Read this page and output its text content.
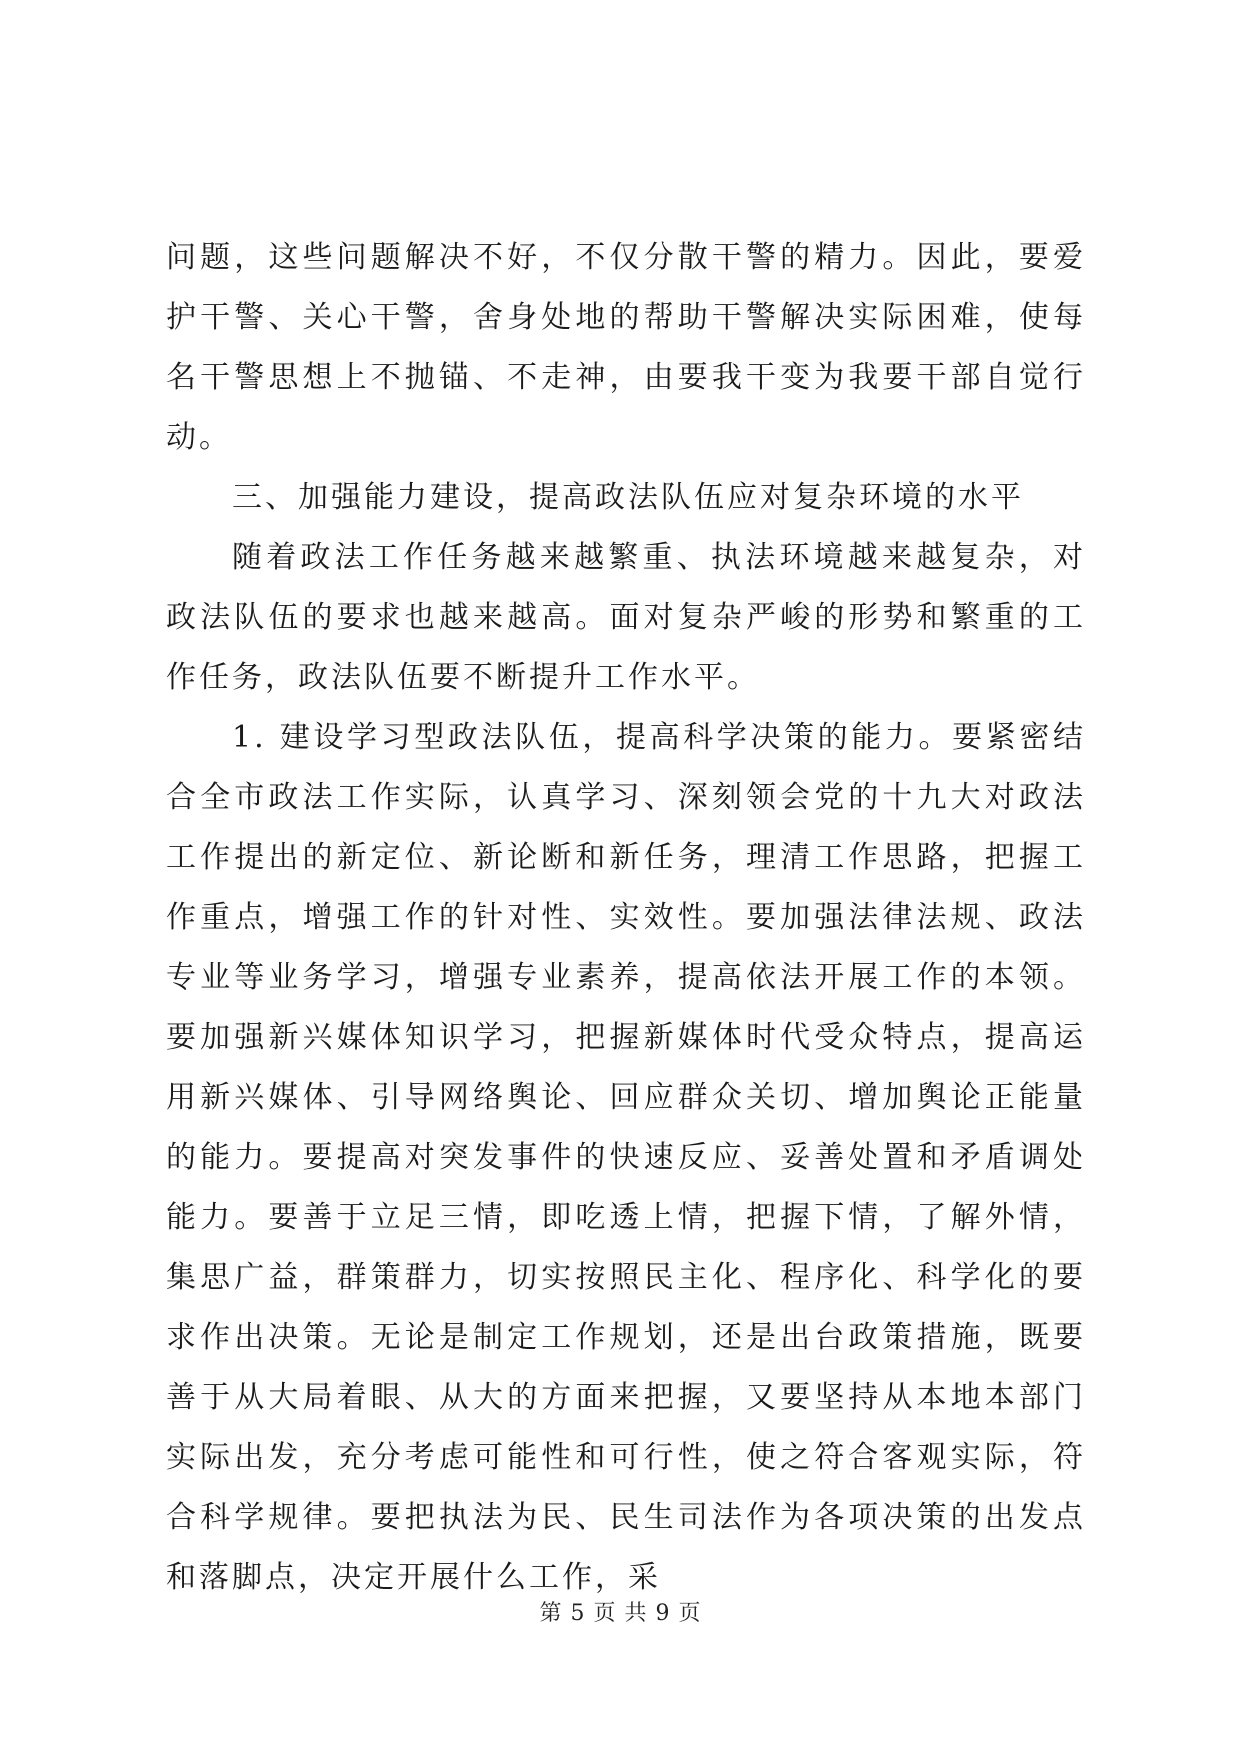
问题，这些问题解决不好，不仅分散干警的精力。因此，要爱护干警、关心干警，舍身处地的帮助干警解决实际困难，使每名干警思想上不抛锚、不走神，由要我干变为我要干部自觉行动。

三、加强能力建设，提高政法队伍应对复杂环境的水平

随着政法工作任务越来越繁重、执法环境越来越复杂，对政法队伍的要求也越来越高。面对复杂严峻的形势和繁重的工作任务，政法队伍要不断提升工作水平。

1. 建设学习型政法队伍，提高科学决策的能力。要紧密结合全市政法工作实际，认真学习、深刻领会党的十九大对政法工作提出的新定位、新论断和新任务，理清工作思路，把握工作重点，增强工作的针对性、实效性。要加强法律法规、政法专业等业务学习，增强专业素养，提高依法开展工作的本领。要加强新兴媒体知识学习，把握新媒体时代受众特点，提高运用新兴媒体、引导网络舆论、回应群众关切、增加舆论正能量的能力。要提高对突发事件的快速反应、妥善处置和矛盾调处能力。要善于立足三情，即吃透上情，把握下情，了解外情，集思广益，群策群力，切实按照民主化、程序化、科学化的要求作出决策。无论是制定工作规划，还是出台政策措施，既要善于从大局着眼、从大的方面来把握，又要坚持从本地本部门实际出发，充分考虑可能性和可行性，使之符合客观实际，符合科学规律。要把执法为民、民生司法作为各项决策的出发点和落脚点，决定开展什么工作，采

第 5 页 共 9 页
